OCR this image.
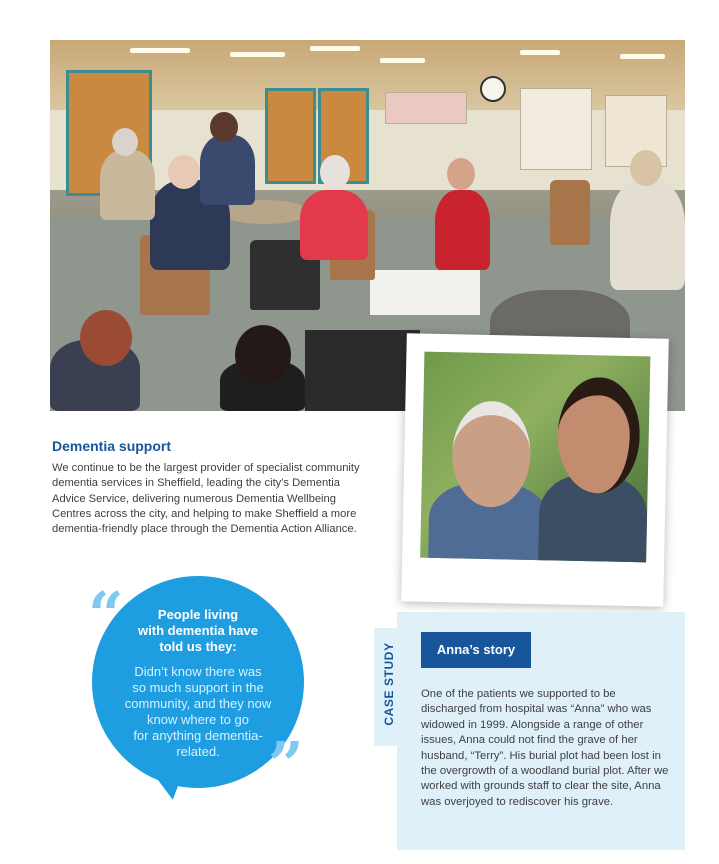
Dementia support
We continue to be the largest provider of specialist community dementia services in Sheffield, leading the city's Dementia Advice Service, delivering numerous Dementia Wellbeing Centres across the city, and helping to make Sheffield a more dementia-friendly place through the Dementia Action Alliance.
“
”
People living
with dementia have
told us they:
Didn’t know there was
so much support in the
community, and they now
know where to go
for anything dementia-
related.
CASE STUDY	Anna’s story
One of the patients we supported to be discharged from hospital was “Anna” who was widowed in 1999. Alongside a range of other issues, Anna could not find the grave of her husband, “Terry”. His burial plot had been lost in the overgrowth of a woodland burial plot. After we worked with grounds staff to clear the site, Anna was overjoyed to rediscover his grave.
